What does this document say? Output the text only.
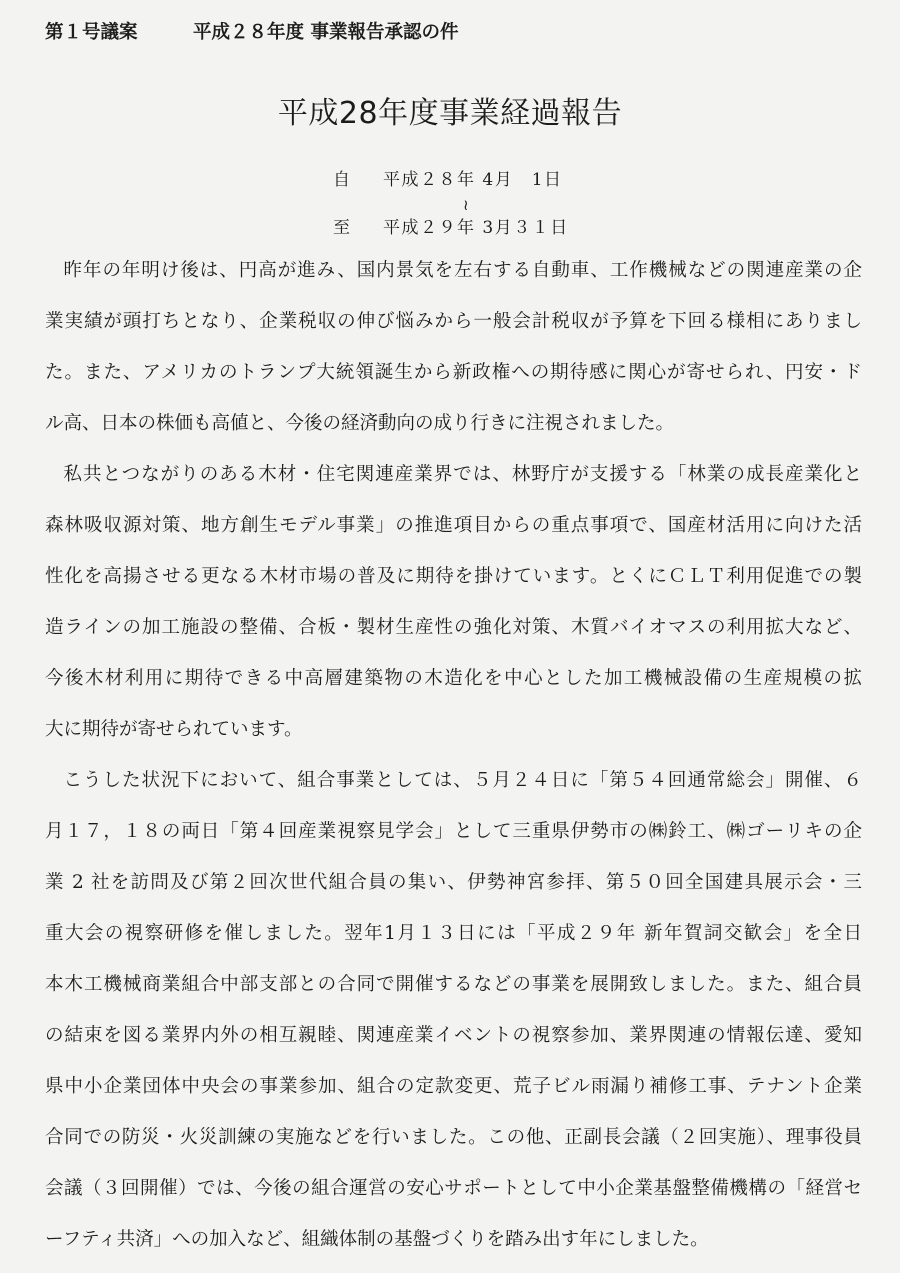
第１号議案	平成２８年度 事業報告承認の件
平成28年度事業経過報告

自

平成２８年 4月　1日

≀

至

平成２９年 3月３１日

昨年の年明け後は、円高が進み、国内景気を左右する自動車、工作機械などの関連産業の企
業実績が頭打ちとなり、企業税収の伸び悩みから一般会計税収が予算を下回る様相にありまし
た。また、アメリカのトランプ大統領誕生から新政権への期待感に関心が寄せられ、円安・ド
ル高、日本の株価も高値と、今後の経済動向の成り行きに注視されました。
私共とつながりのある木材・住宅関連産業界では、林野庁が支援する「林業の成長産業化と
森林吸収源対策、地方創生モデル事業」の推進項目からの重点事項で、国産材活用に向けた活
性化を高揚させる更なる木材市場の普及に期待を掛けています。とくにＣＬＴ利用促進での製
造ラインの加工施設の整備、合板・製材生産性の強化対策、木質バイオマスの利用拡大など、
今後木材利用に期待できる中高層建築物の木造化を中心とした加工機械設備の生産規模の拡
大に期待が寄せられています。
こうした状況下において、組合事業としては、５月２４日に「第５４回通常総会」開催、６
月１７，１８の両日「第４回産業視察見学会」として三重県伊勢市の㈱鈴工、㈱ゴーリキの企
業 2 社を訪問及び第２回次世代組合員の集い、伊勢神宮参拝、第５０回全国建具展示会・三
重大会の視察研修を催しました。翌年1月１３日には「平成２９年 新年賀詞交歓会」を全日
本木工機械商業組合中部支部との合同で開催するなどの事業を展開致しました。また、組合員
の結束を図る業界内外の相互親睦、関連産業イベントの視察参加、業界関連の情報伝達、愛知
県中小企業団体中央会の事業参加、組合の定款変更、荒子ビル雨漏り補修工事、テナント企業
合同での防災・火災訓練の実施などを行いました。この他、正副長会議（２回実施）、理事役員
会議（３回開催）では、今後の組合運営の安心サポートとして中小企業基盤整備機構の「経営セ
ーフティ共済」への加入など、組織体制の基盤づくりを踏み出す年にしました。
